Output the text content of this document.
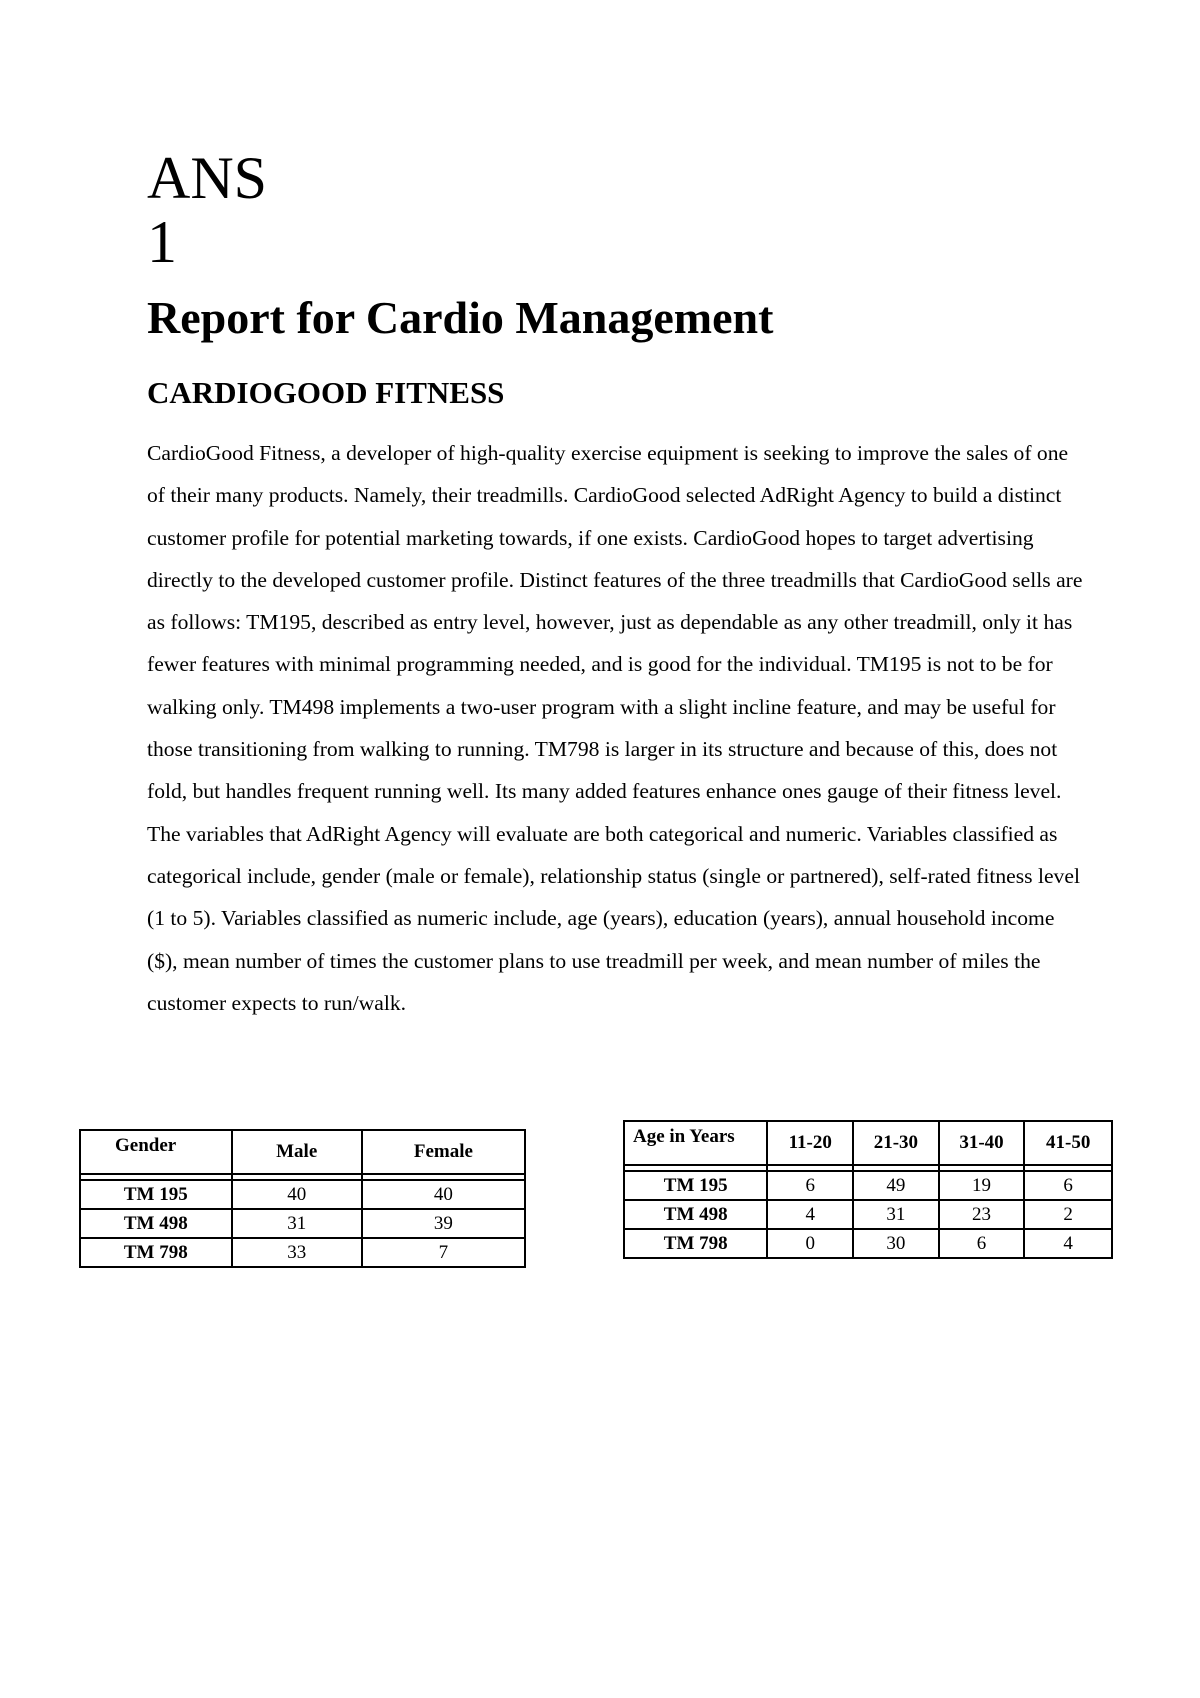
ANS
1
Report for Cardio Management
CARDIOGOOD FITNESS

CardioGood Fitness, a developer of high-quality exercise equipment is seeking to improve the sales of one of their many products. Namely, their treadmills. CardioGood selected AdRight Agency to build a distinct customer profile for potential marketing towards, if one exists. CardioGood hopes to target advertising directly to the developed customer profile. Distinct features of the three treadmills that CardioGood sells are as follows: TM195, described as entry level, however, just as dependable as any other treadmill, only it has fewer features with minimal programming needed, and is good for the individual. TM195 is not to be for walking only. TM498 implements a two-user program with a slight incline feature, and may be useful for those transitioning from walking to running. TM798 is larger in its structure and because of this, does not fold, but handles frequent running well. Its many added features enhance ones gauge of their fitness level. The variables that AdRight Agency will evaluate are both categorical and numeric. Variables classified as categorical include, gender (male or female), relationship status (single or partnered), self-rated fitness level (1 to 5). Variables classified as numeric include, age (years), education (years), annual household income ($), mean number of times the customer plans to use treadmill per week, and mean number of miles the customer expects to run/walk.

Gender	Male	Female

TM 195	40	40
TM 498	31	39
TM 798	33	7
Age in Years	11-20	21-30	31-40	41-50

TM 195	6	49	19	6
TM 498	4	31	23	2
TM 798	0	30	6	4
